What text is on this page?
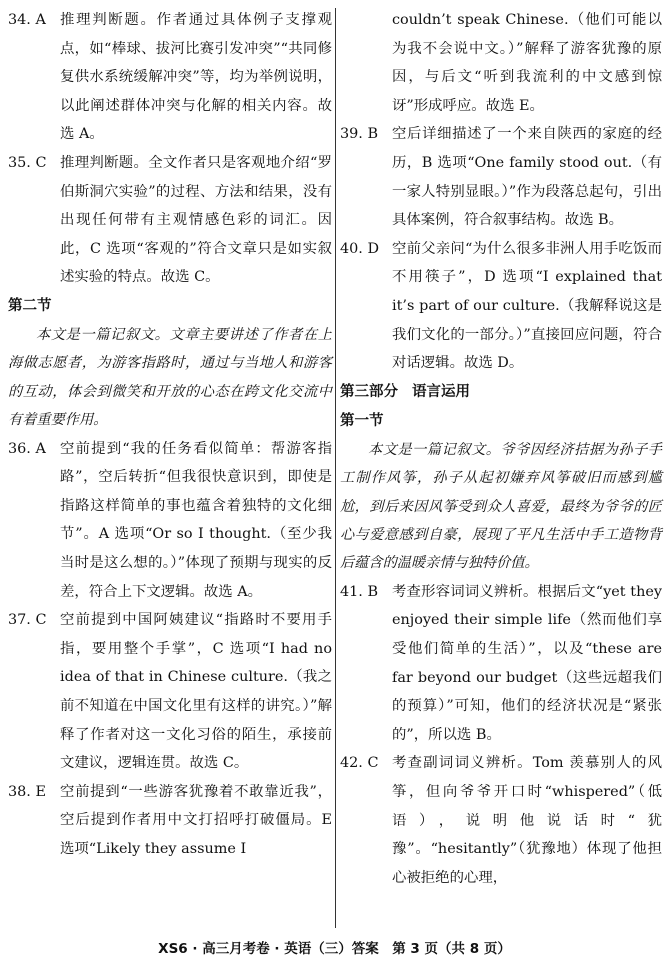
34. A 推理判断题。作者通过具体例子支撑观点，如“棒球、拔河比赛引发冲突”“共同修复供水系统缓解冲突”等，均为举例说明，以此阐述群体冲突与化解的相关内容。故选 A。
35. C 推理判断题。全文作者只是客观地介绍“罗伯斯洞穴实验”的过程、方法和结果，没有出现任何带有主观情感色彩的词汇。因此，C 选项“客观的”符合文章只是如实叙述实验的特点。故选 C。
第二节
本文是一篇记叙文。文章主要讲述了作者在上海做志愿者，为游客指路时，通过与当地人和游客的互动，体会到微笑和开放的心态在跨文化交流中有着重要作用。
36. A 空前提到“我的任务看似简单：帮游客指路”，空后转折“但我很快意识到，即使是指路这样简单的事也蕴含着独特的文化细节”。A 选项“Or so I thought.（至少我当时是这么想的。）”体现了预期与现实的反差，符合上下文逻辑。故选 A。
37. C 空前提到中国阿姨建议“指路时不要用手指，要用整个手掌”，C 选项“I had no idea of that in Chinese culture.（我之前不知道在中国文化里有这样的讲究。）”解释了作者对这一文化习俗的陌生，承接前文建议，逻辑连贯。故选 C。
38. E 空前提到“一些游客犹豫着不敢靠近我”，空后提到作者用中文打招呼打破僵局。E 选项“Likely they assume I
couldn’t speak Chinese.（他们可能以为我不会说中文。）”解释了游客犹豫的原因，与后文“听到我流利的中文感到惊讶”形成呼应。故选 E。
39. B 空后详细描述了一个来自陕西的家庭的经历，B 选项“One family stood out.（有一家人特别显眼。）”作为段落总起句，引出具体案例，符合叙事结构。故选 B。
40. D 空前父亲问“为什么很多非洲人用手吃饭而不用筷子”，D 选项“I explained that it’s part of our culture.（我解释说这是我们文化的一部分。）”直接回应问题，符合对话逻辑。故选 D。
第三部分 语言运用
第一节
本文是一篇记叙文。爷爷因经济拮据为孙子手工制作风筝，孙子从起初嫌弃风筝破旧而感到尴尬，到后来因风筝受到众人喜爱，最终为爷爷的匠心与爱意感到自豪，展现了平凡生活中手工造物背后蕴含的温暖亲情与独特价值。
41. B 考查形容词词义辨析。根据后文“yet they enjoyed their simple life（然而他们享受他们简单的生活）”，以及“these are far beyond our budget（这些远超我们的预算）”可知，他们的经济状况是“紧张的”，所以选 B。
42. C 考查副词词义辨析。Tom 羡慕别人的风筝，但向爷爷开口时“whispered”（低语），说明他说话时“犹豫”。“hesitantly”（犹豫地）体现了他担心被拒绝的心理，
XS6 · 高三月考卷 · 英语（三）答案　第 3 页（共 8 页）
